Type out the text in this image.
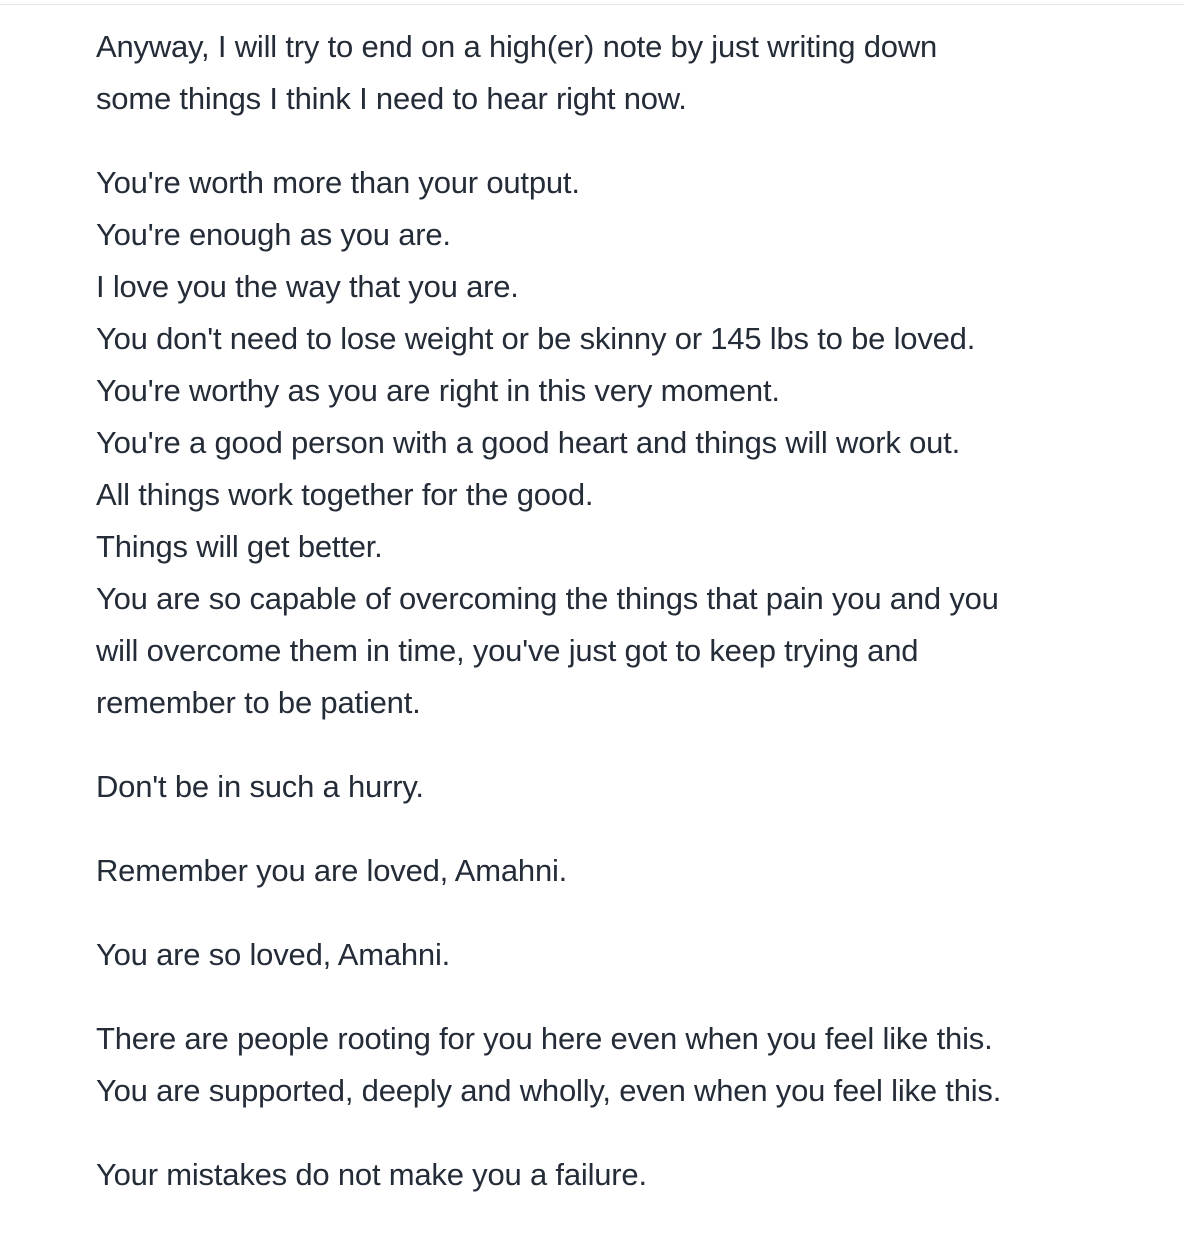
Anyway, I will try to end on a high(er) note by just writing down
some things I think I need to hear right now.

You're worth more than your output.
You're enough as you are.
I love you the way that you are.
You don't need to lose weight or be skinny or 145 lbs to be loved.
You're worthy as you are right in this very moment.
You're a good person with a good heart and things will work out.
All things work together for the good.
Things will get better.
You are so capable of overcoming the things that pain you and you
will overcome them in time, you've just got to keep trying and
remember to be patient.

Don't be in such a hurry.

Remember you are loved, Amahni.

You are so loved, Amahni.

There are people rooting for you here even when you feel like this.
You are supported, deeply and wholly, even when you feel like this.

Your mistakes do not make you a failure.
